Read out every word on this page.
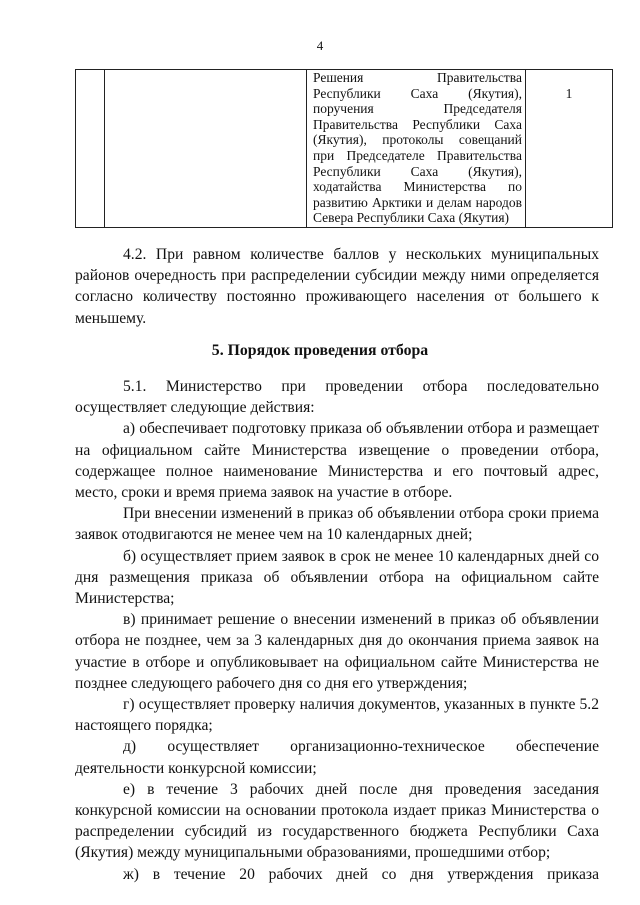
4
		Решения Правительства Республики Саха (Якутия), поручения Председателя Правительства Республики Саха (Якутия), протоколы совещаний при Председателе Правительства Республики Саха (Якутия), ходатайства Министерства по развитию Арктики и делам народов Севера Республики Саха (Якутия)	1

4.2. При равном количестве баллов у нескольких муниципальных районов очередность при распределении субсидии между ними определяется согласно количеству постоянно проживающего населения от большего к меньшему.

5. Порядок проведения отбора

5.1. Министерство при проведении отбора последовательно осуществляет следующие действия:

а) обеспечивает подготовку приказа об объявлении отбора и размещает на официальном сайте Министерства извещение о проведении отбора, содержащее полное наименование Министерства и его почтовый адрес, место, сроки и время приема заявок на участие в отборе.

При внесении изменений в приказ об объявлении отбора сроки приема заявок отодвигаются не менее чем на 10 календарных дней;

б) осуществляет прием заявок в срок не менее 10 календарных дней со дня размещения приказа об объявлении отбора на официальном сайте Министерства;

в) принимает решение о внесении изменений в приказ об объявлении отбора не позднее, чем за 3 календарных дня до окончания приема заявок на участие в отборе и опубликовывает на официальном сайте Министерства не позднее следующего рабочего дня со дня его утверждения;

г) осуществляет проверку наличия документов, указанных в пункте 5.2 настоящего порядка;

д) осуществляет организационно-техническое обеспечение деятельности конкурсной комиссии;

е) в течение 3 рабочих дней после дня проведения заседания конкурсной комиссии на основании протокола издает приказ Министерства о распределении субсидий из государственного бюджета Республики Саха (Якутия) между муниципальными образованиями, прошедшими отбор;

ж) в течение 20 рабочих дней со дня утверждения приказа
